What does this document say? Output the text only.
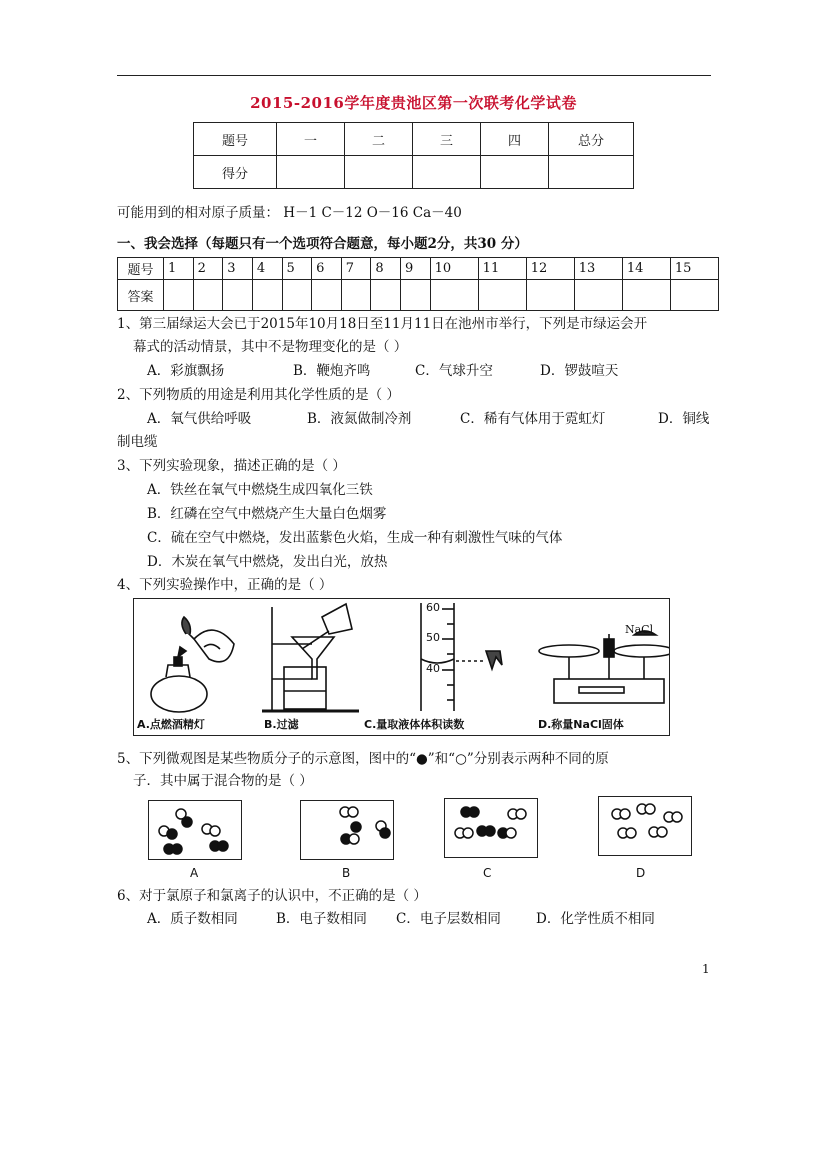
2015-2016学年度贵池区第一次联考化学试卷
题号	一	二	三	四	总分
得分					
可能用到的相对原子质量： H－1 C－12 O－16 Ca－40
一、我会选择（每题只有一个选项符合题意，每小题2分，共30 分）
题号	1	2	3	4	5	6	7	8	9	10	11	12	13	14	15
答案															
1、第三届绿运大会已于2015年10月18日至11月11日在池州市举行，下列是市绿运会开
幕式的活动情景，其中不是物理变化的是（ ）
A．彩旗飘扬	B．鞭炮齐鸣	C．气球升空	D．锣鼓喧天
2、下列物质的用途是利用其化学性质的是（ ）
A．氧气供给呼吸	B．液氮做制冷剂	C．稀有气体用于霓虹灯	D．铜线
制电缆
3、下列实验现象，描述正确的是（ ）
A．铁丝在氧气中燃烧生成四氧化三铁
B．红磷在空气中燃烧产生大量白色烟雾
C．硫在空气中燃烧，发出蓝紫色火焰，生成一种有刺激性气味的气体
D．木炭在氧气中燃烧，发出白光，放热
4、下列实验操作中，正确的是（ ）
60
50
40
NaCl
A.点燃酒精灯	B.过滤	C.量取液体体积读数	D.称量NaCl固体
5、下列微观图是某些物质分子的示意图，图中的“●”和“○”分别表示两种不同的原
子．其中属于混合物的是（ ）
A	B	C	D
6、对于氯原子和氯离子的认识中，不正确的是（ ）
A．质子数相同	B．电子数相同 C．电子层数相同	D．化学性质不相同
1
